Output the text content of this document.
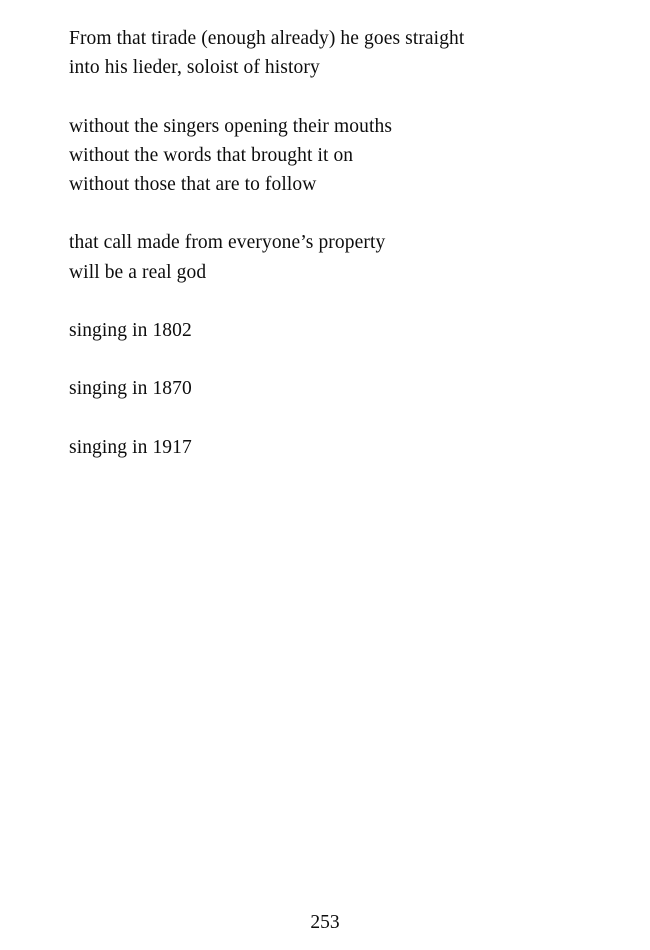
From that tirade (enough already) he goes straight
into his lieder, soloist of history
without the singers opening their mouths
without the words that brought it on
without those that are to follow
that call made from everyone’s property
will be a real god
singing in 1802
singing in 1870
singing in 1917
253
